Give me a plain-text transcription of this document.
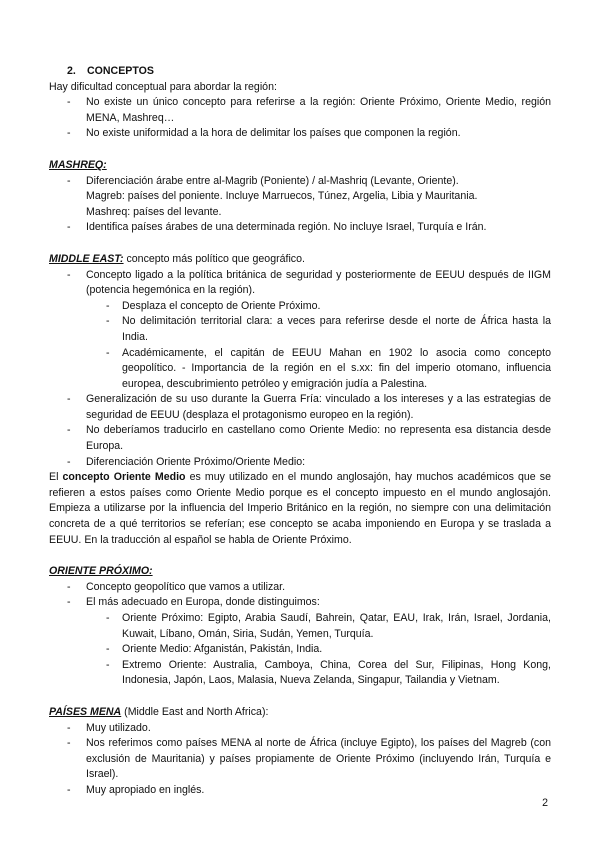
2. CONCEPTOS

Hay dificultad conceptual para abordar la región:

- No existe un único concepto para referirse a la región: Oriente Próximo, Oriente Medio, región MENA, Mashreq…
- No existe uniformidad a la hora de delimitar los países que componen la región.

MASHREQ:

- Diferenciación árabe entre al-Magrib (Poniente) / al-Mashriq (Levante, Oriente).
Magreb: países del poniente. Incluye Marruecos, Túnez, Argelia, Libia y Mauritania.
Mashreq: países del levante.
- Identifica países árabes de una determinada región. No incluye Israel, Turquía e Irán.

MIDDLE EAST: concepto más político que geográfico.

- Concepto ligado a la política británica de seguridad y posteriormente de EEUU después de IIGM (potencia hegemónica en la región).
- Desplaza el concepto de Oriente Próximo.
- No delimitación territorial clara: a veces para referirse desde el norte de África hasta la India.
- Académicamente, el capitán de EEUU Mahan en 1902 lo asocia como concepto geopolítico. - Importancia de la región en el s.xx: fin del imperio otomano, influencia europea, descubrimiento petróleo y emigración judía a Palestina.
- Generalización de su uso durante la Guerra Fría: vinculado a los intereses y a las estrategias de seguridad de EEUU (desplaza el protagonismo europeo en la región).
- No deberíamos traducirlo en castellano como Oriente Medio: no representa esa distancia desde Europa.
- Diferenciación Oriente Próximo/Oriente Medio:

El concepto Oriente Medio es muy utilizado en el mundo anglosajón, hay muchos académicos que se refieren a estos países como Oriente Medio porque es el concepto impuesto en el mundo anglosajón. Empieza a utilizarse por la influencia del Imperio Británico en la región, no siempre con una delimitación concreta de a qué territorios se referían; ese concepto se acaba imponiendo en Europa y se traslada a EEUU. En la traducción al español se habla de Oriente Próximo.

ORIENTE PRÓXIMO:

- Concepto geopolítico que vamos a utilizar.
- El más adecuado en Europa, donde distinguimos:
- Oriente Próximo: Egipto, Arabia Saudí, Bahrein, Qatar, EAU, Irak, Irán, Israel, Jordania, Kuwait, Líbano, Omán, Siria, Sudán, Yemen, Turquía.
- Oriente Medio: Afganistán, Pakistán, India.
- Extremo Oriente: Australia, Camboya, China, Corea del Sur, Filipinas, Hong Kong, Indonesia, Japón, Laos, Malasia, Nueva Zelanda, Singapur, Tailandia y Vietnam.

PAÍSES MENA (Middle East and North Africa):

- Muy utilizado.
- Nos referimos como países MENA al norte de África (incluye Egipto), los países del Magreb (con exclusión de Mauritania) y países propiamente de Oriente Próximo (incluyendo Irán, Turquía e Israel).
- Muy apropiado en inglés.
2
